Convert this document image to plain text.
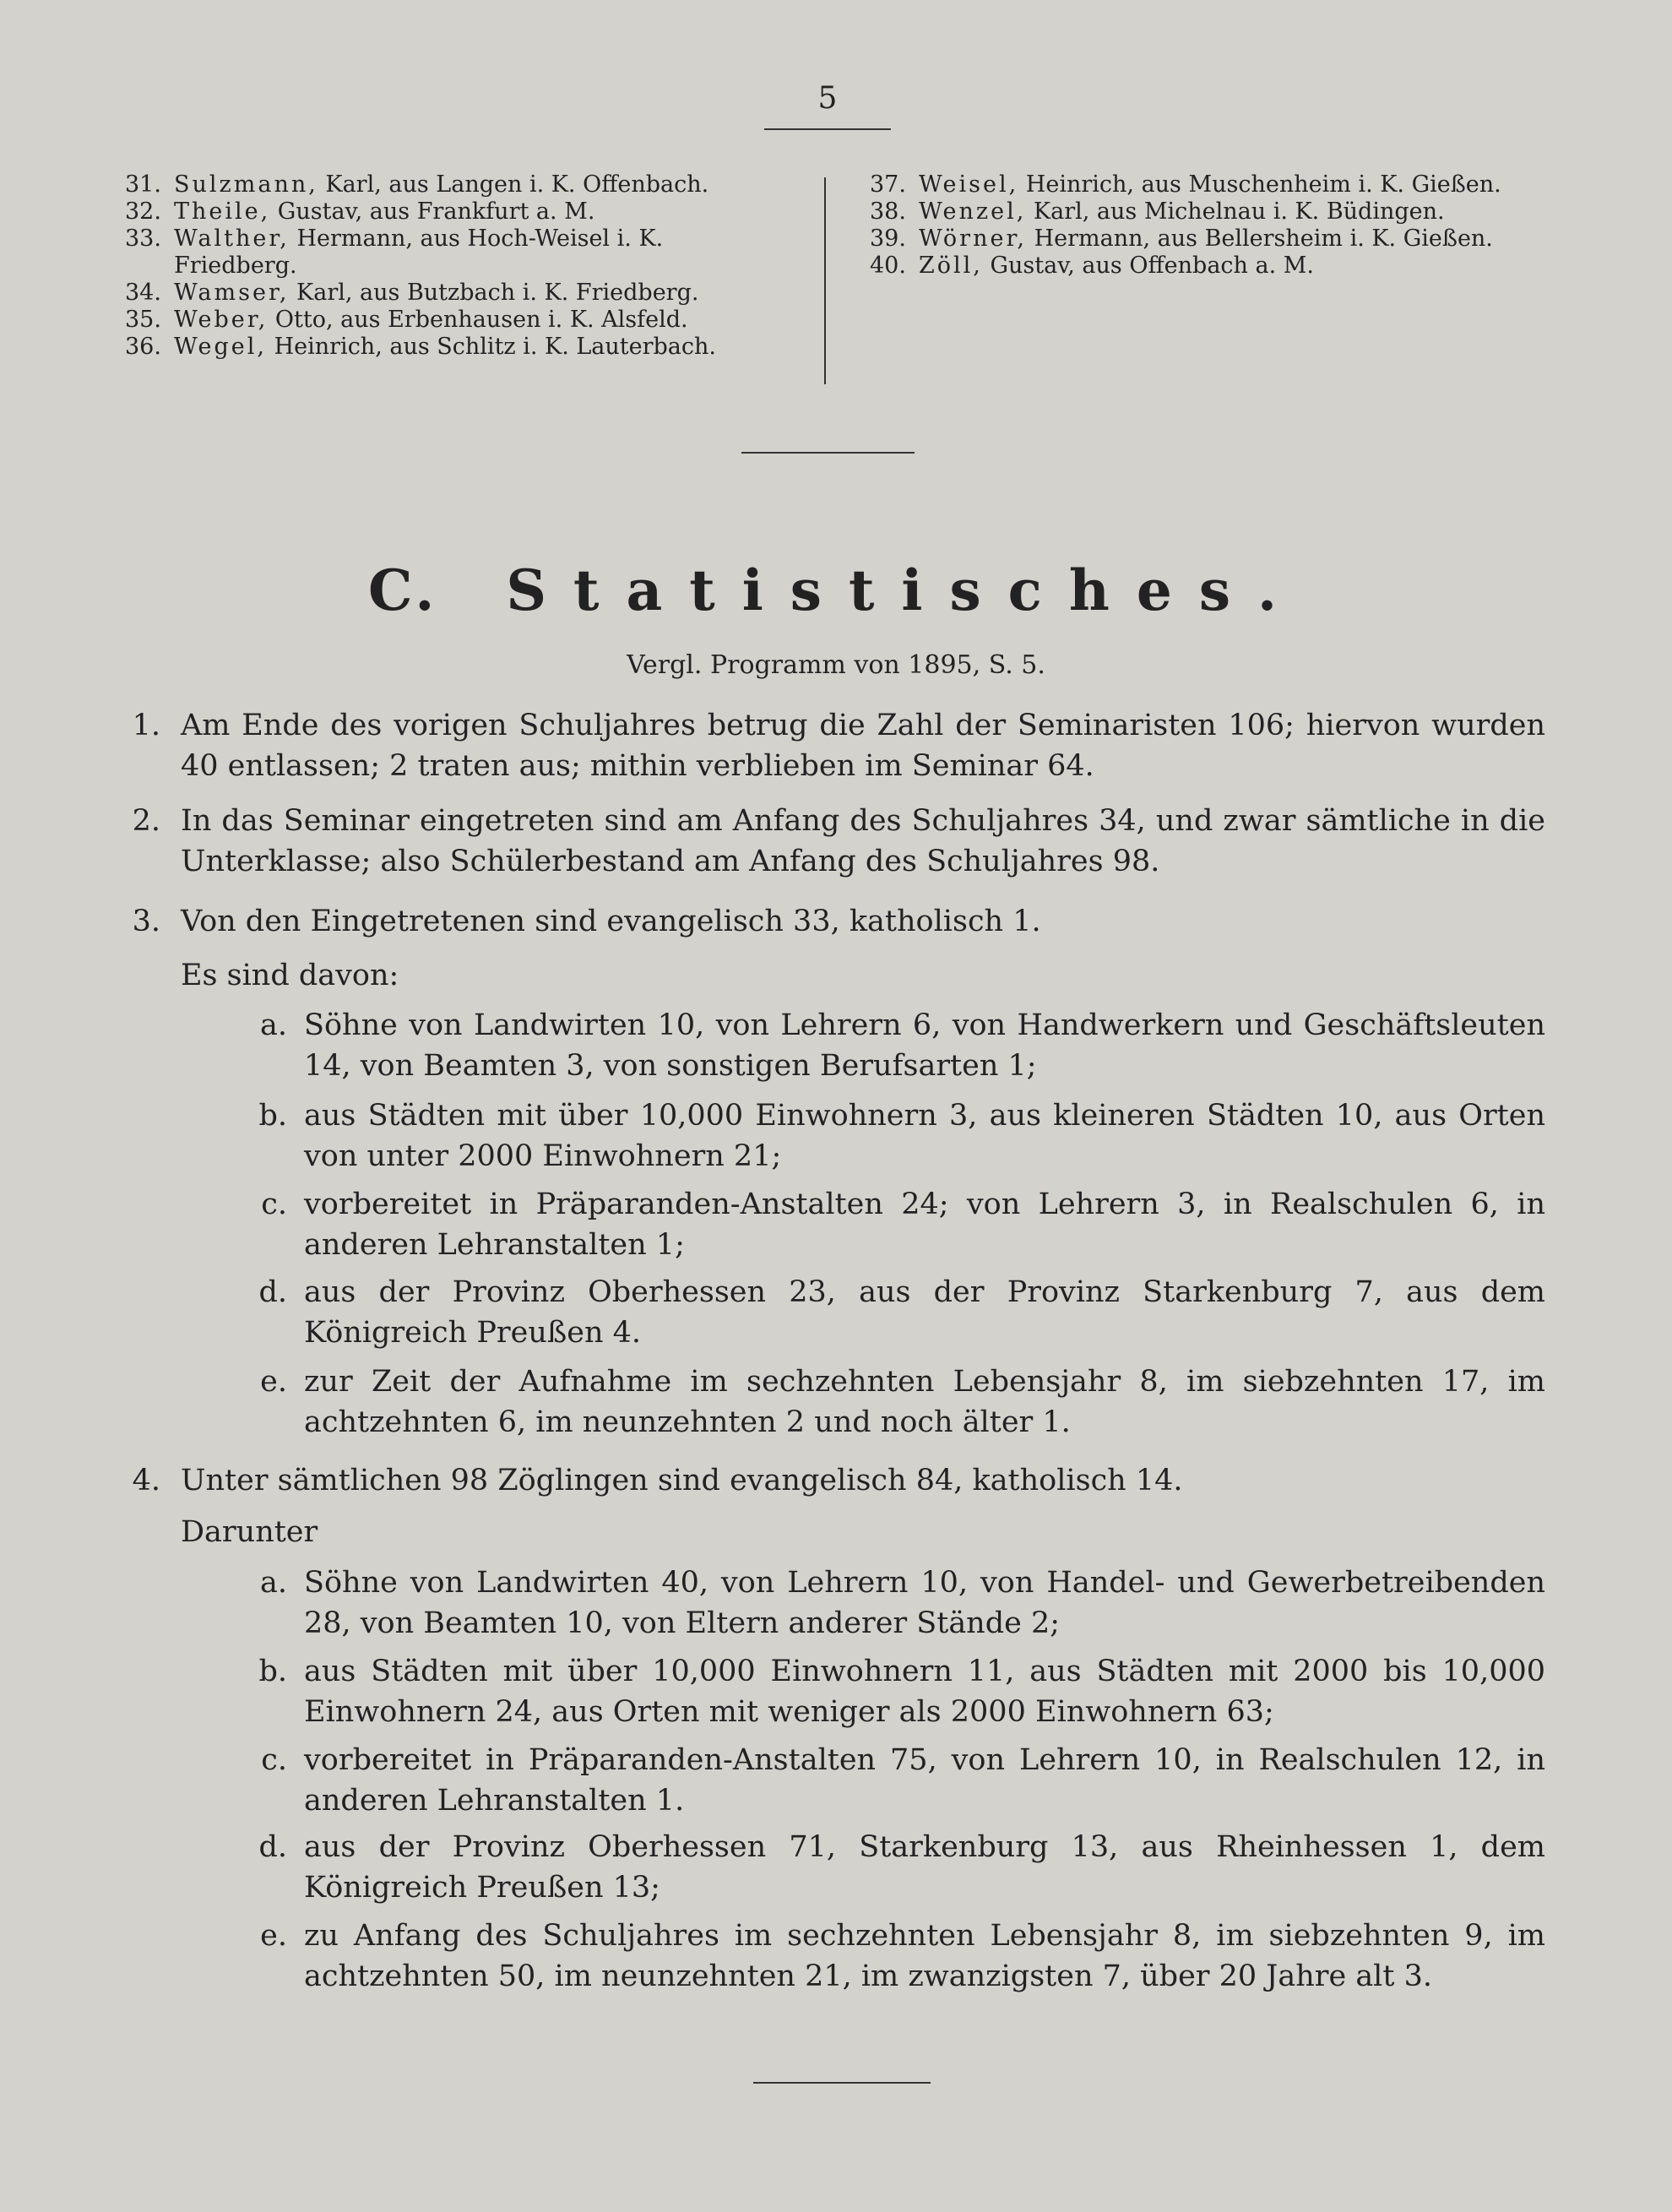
5
31. Sulzmann, Karl, aus Langen i. K. Offenbach.
32. Theile, Gustav, aus Frankfurt a. M.
33. Walther, Hermann, aus Hoch-Weisel i. K. Friedberg.
34. Wamser, Karl, aus Butzbach i. K. Friedberg.
35. Weber, Otto, aus Erbenhausen i. K. Alsfeld.
36. Wegel, Heinrich, aus Schlitz i. K. Lauterbach.
37. Weisel, Heinrich, aus Muschenheim i. K. Gießen.
38. Wenzel, Karl, aus Michelnau i. K. Büdingen.
39. Wörner, Hermann, aus Bellersheim i. K. Gießen.
40. Zöll, Gustav, aus Offenbach a. M.
C. Statistisches.
Vergl. Programm von 1895, S. 5.
1. Am Ende des vorigen Schuljahres betrug die Zahl der Seminaristen 106; hiervon wurden 40 entlassen; 2 traten aus; mithin verblieben im Seminar 64.
2. In das Seminar eingetreten sind am Anfang des Schuljahres 34, und zwar sämtliche in die Unterklasse; also Schülerbestand am Anfang des Schuljahres 98.
3. Von den Eingetretenen sind evangelisch 33, katholisch 1.
Es sind davon:
a. Söhne von Landwirten 10, von Lehrern 6, von Handwerkern und Geschäftsleuten 14, von Beamten 3, von sonstigen Berufsarten 1;
b. aus Städten mit über 10,000 Einwohnern 3, aus kleineren Städten 10, aus Orten von unter 2000 Einwohnern 21;
c. vorbereitet in Präparanden-Anstalten 24; von Lehrern 3, in Realschulen 6, in anderen Lehranstalten 1;
d. aus der Provinz Oberhessen 23, aus der Provinz Starkenburg 7, aus dem Königreich Preußen 4.
e. zur Zeit der Aufnahme im sechzehnten Lebensjahr 8, im siebzehnten 17, im achtzehnten 6, im neunzehnten 2 und noch älter 1.
4. Unter sämtlichen 98 Zöglingen sind evangelisch 84, katholisch 14.
Darunter
a. Söhne von Landwirten 40, von Lehrern 10, von Handel- und Gewerbetreibenden 28, von Beamten 10, von Eltern anderer Stände 2;
b. aus Städten mit über 10,000 Einwohnern 11, aus Städten mit 2000 bis 10,000 Einwohnern 24, aus Orten mit weniger als 2000 Einwohnern 63;
c. vorbereitet in Präparanden-Anstalten 75, von Lehrern 10, in Realschulen 12, in anderen Lehranstalten 1.
d. aus der Provinz Oberhessen 71, Starkenburg 13, aus Rheinhessen 1, dem Königreich Preußen 13;
e. zu Anfang des Schuljahres im sechzehnten Lebensjahr 8, im siebzehnten 9, im achtzehnten 50, im neunzehnten 21, im zwanzigsten 7, über 20 Jahre alt 3.
